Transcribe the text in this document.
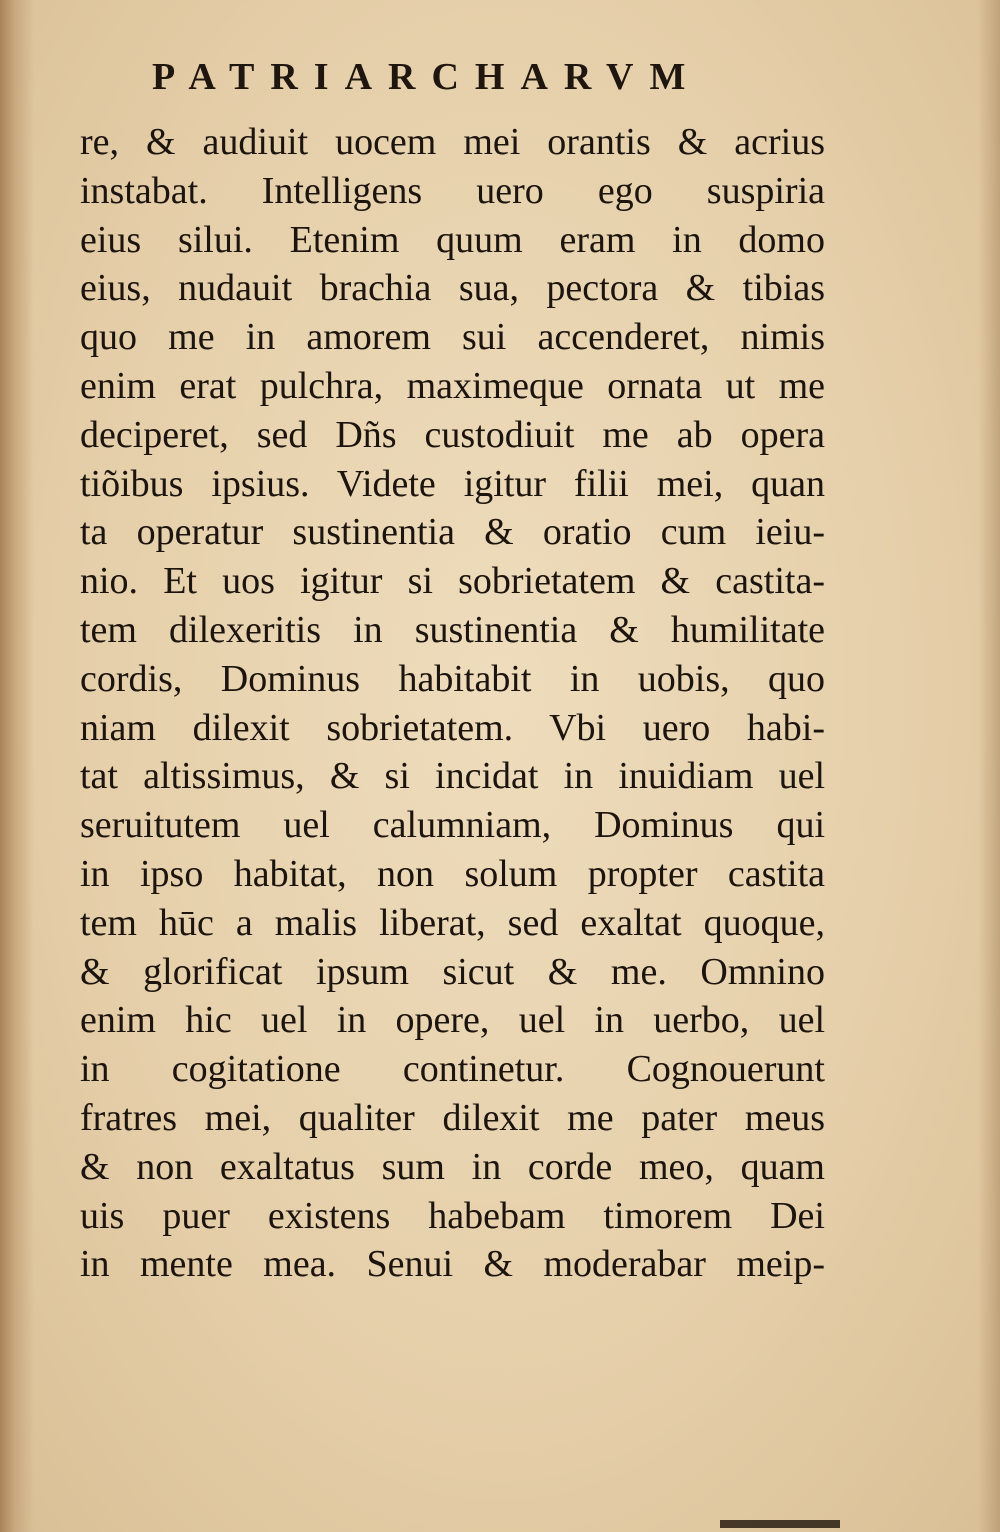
PATRIARCHARVM
re, & audiuit uocem mei orantis & acrius
instabat. Intelligens uero ego suspiria
eius silui. Etenim quum eram in domo
eius, nudauit brachia sua, pectora & tibias
quo me in amorem sui accenderet, nimis
enim erat pulchra, maximeque ornata ut me
deciperet, sed Dñs custodiuit me ab opera
tiõibus ipsius. Videte igitur filii mei, quan
ta operatur sustinentia & oratio cum ieiu-
nio. Et uos igitur si sobrietatem & castita-
tem dilexeritis in sustinentia & humilitate
cordis, Dominus habitabit in uobis, quo
niam dilexit sobrietatem. Vbi uero habi-
tat altissimus, & si incidat in inuidiam uel
seruitutem uel calumniam, Dominus qui
in ipso habitat, non solum propter castita
tem hūc a malis liberat, sed exaltat quoque,
& glorificat ipsum sicut & me. Omnino
enim hic uel in opere, uel in uerbo, uel
in cogitatione continetur. Cognouerunt
fratres mei, qualiter dilexit me pater meus
& non exaltatus sum in corde meo, quam
uis puer existens habebam timorem Dei
in mente mea. Senui & moderabar meip-
